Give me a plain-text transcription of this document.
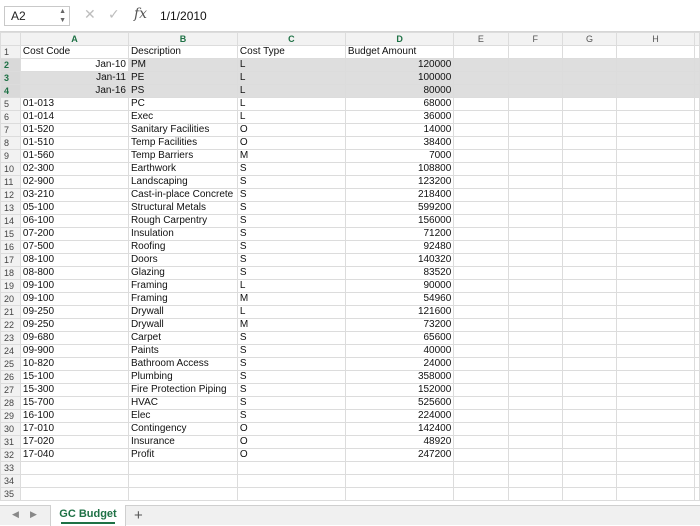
A2	▲
▼ ✕ ✓ fx 1/1/2010
	A	B	C	D	E	F	G	H	
1	Cost Code	Description	Cost Type	Budget Amount					
2	Jan-10	PM	L	120000					
3	Jan-11	PE	L	100000					
4	Jan-16	PS	L	80000					
5	01-013	PC	L	68000					
6	01-014	Exec	L	36000					
7	01-520	Sanitary Facilities	O	14000					
8	01-510	Temp Facilities	O	38400					
9	01-560	Temp Barriers	M	7000					
10	02-300	Earthwork	S	108800					
11	02-900	Landscaping	S	123200					
12	03-210	Cast-in-place Concrete	S	218400					
13	05-100	Structural Metals	S	599200					
14	06-100	Rough Carpentry	S	156000					
15	07-200	Insulation	S	71200					
16	07-500	Roofing	S	92480					
17	08-100	Doors	S	140320					
18	08-800	Glazing	S	83520					
19	09-100	Framing	L	90000					
20	09-100	Framing	M	54960					
21	09-250	Drywall	L	121600					
22	09-250	Drywall	M	73200					
23	09-680	Carpet	S	65600					
24	09-900	Paints	S	40000					
25	10-820	Bathroom Access	S	24000					
26	15-100	Plumbing	S	358000					
27	15-300	Fire Protection Piping	S	152000					
28	15-700	HVAC	S	525600					
29	16-100	Elec	S	224000					
30	17-010	Contingency	O	142400					
31	17-020	Insurance	O	48920					
32	17-040	Profit	O	247200					
33									
34									
35									
◀ ▶	GC Budget	+
